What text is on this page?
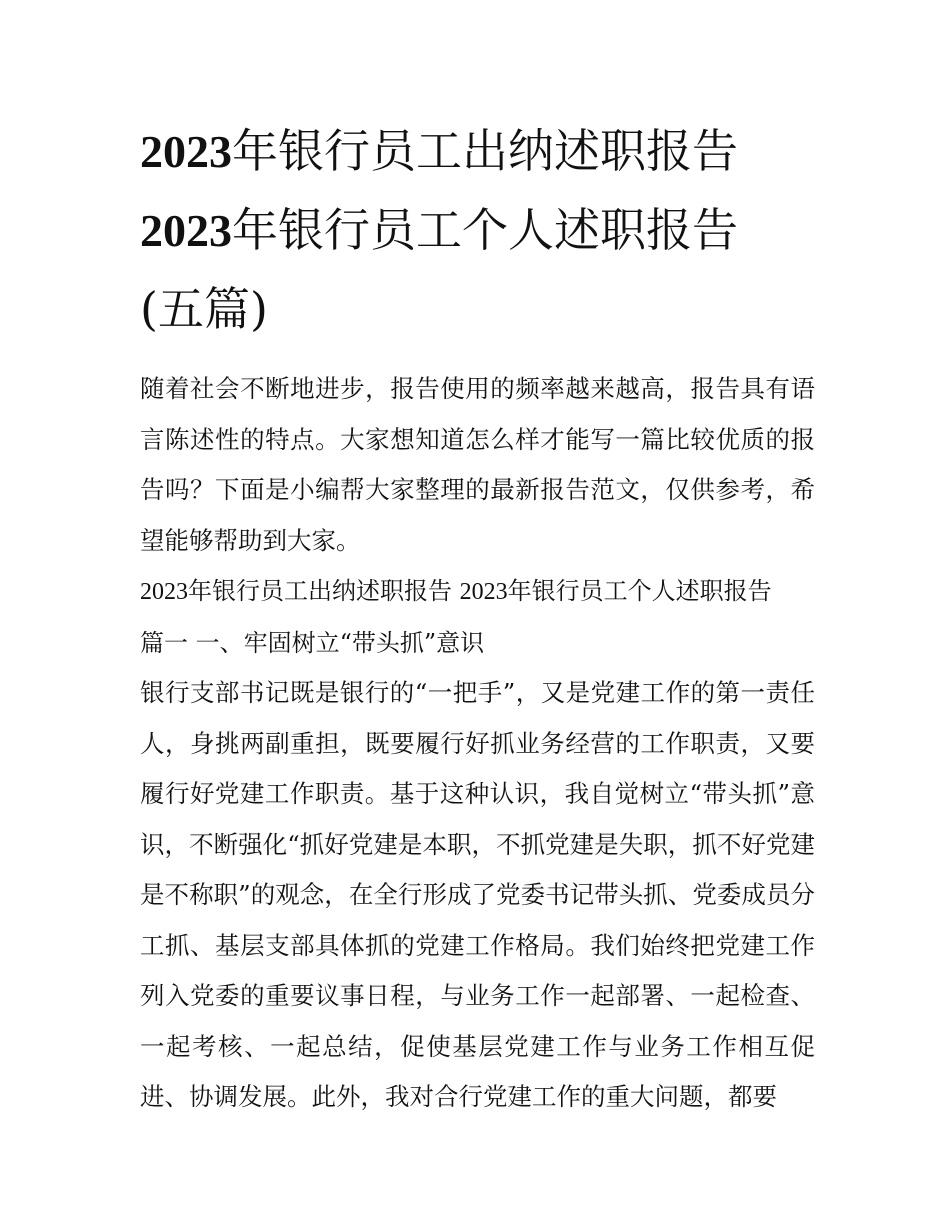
2023年银行员工出纳述职报告
2023年银行员工个人述职报告
(五篇)

随着社会不断地进步，报告使用的频率越来越高，报告具有语言陈述性的特点。大家想知道怎么样才能写一篇比较优质的报告吗？下面是小编帮大家整理的最新报告范文，仅供参考，希望能够帮助到大家。

2023年银行员工出纳述职报告 2023年银行员工个人述职报告

篇一 一、牢固树立“带头抓”意识

银行支部书记既是银行的“一把手”，又是党建工作的第一责任人，身挑两副重担，既要履行好抓业务经营的工作职责，又要履行好党建工作职责。基于这种认识，我自觉树立“带头抓”意识，不断强化“抓好党建是本职，不抓党建是失职，抓不好党建是不称职”的观念，在全行形成了党委书记带头抓、党委成员分工抓、基层支部具体抓的党建工作格局。我们始终把党建工作列入党委的重要议事日程，与业务工作一起部署、一起检查、一起考核、一起总结，促使基层党建工作与业务工作相互促进、协调发展。此外，我对合行党建工作的重大问题，都要
